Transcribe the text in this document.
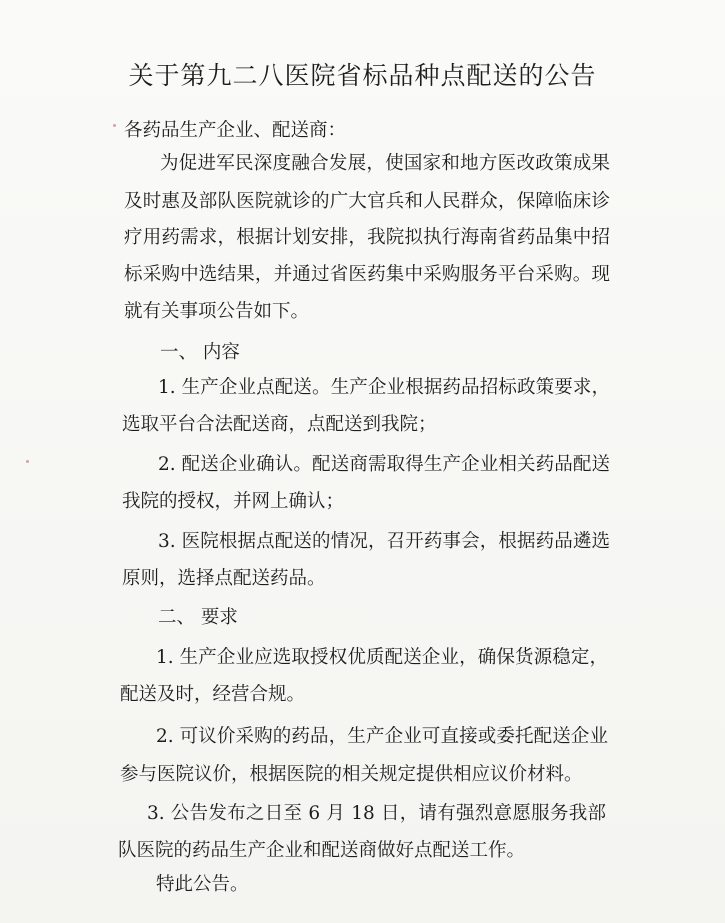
关于第九二八医院省标品种点配送的公告
各药品生产企业、配送商：
为促进军民深度融合发展，使国家和地方医改政策成果
及时惠及部队医院就诊的广大官兵和人民群众，保障临床诊
疗用药需求，根据计划安排，我院拟执行海南省药品集中招
标采购中选结果，并通过省医药集中采购服务平台采购。现
就有关事项公告如下。
一、 内容
1. 生产企业点配送。生产企业根据药品招标政策要求，
选取平台合法配送商，点配送到我院；
2. 配送企业确认。配送商需取得生产企业相关药品配送
我院的授权，并网上确认；
3. 医院根据点配送的情况，召开药事会，根据药品遴选
原则，选择点配送药品。
二、 要求
1. 生产企业应选取授权优质配送企业，确保货源稳定，
配送及时，经营合规。
2. 可议价采购的药品，生产企业可直接或委托配送企业
参与医院议价，根据医院的相关规定提供相应议价材料。
3. 公告发布之日至 6 月 18 日，请有强烈意愿服务我部
队医院的药品生产企业和配送商做好点配送工作。
特此公告。
